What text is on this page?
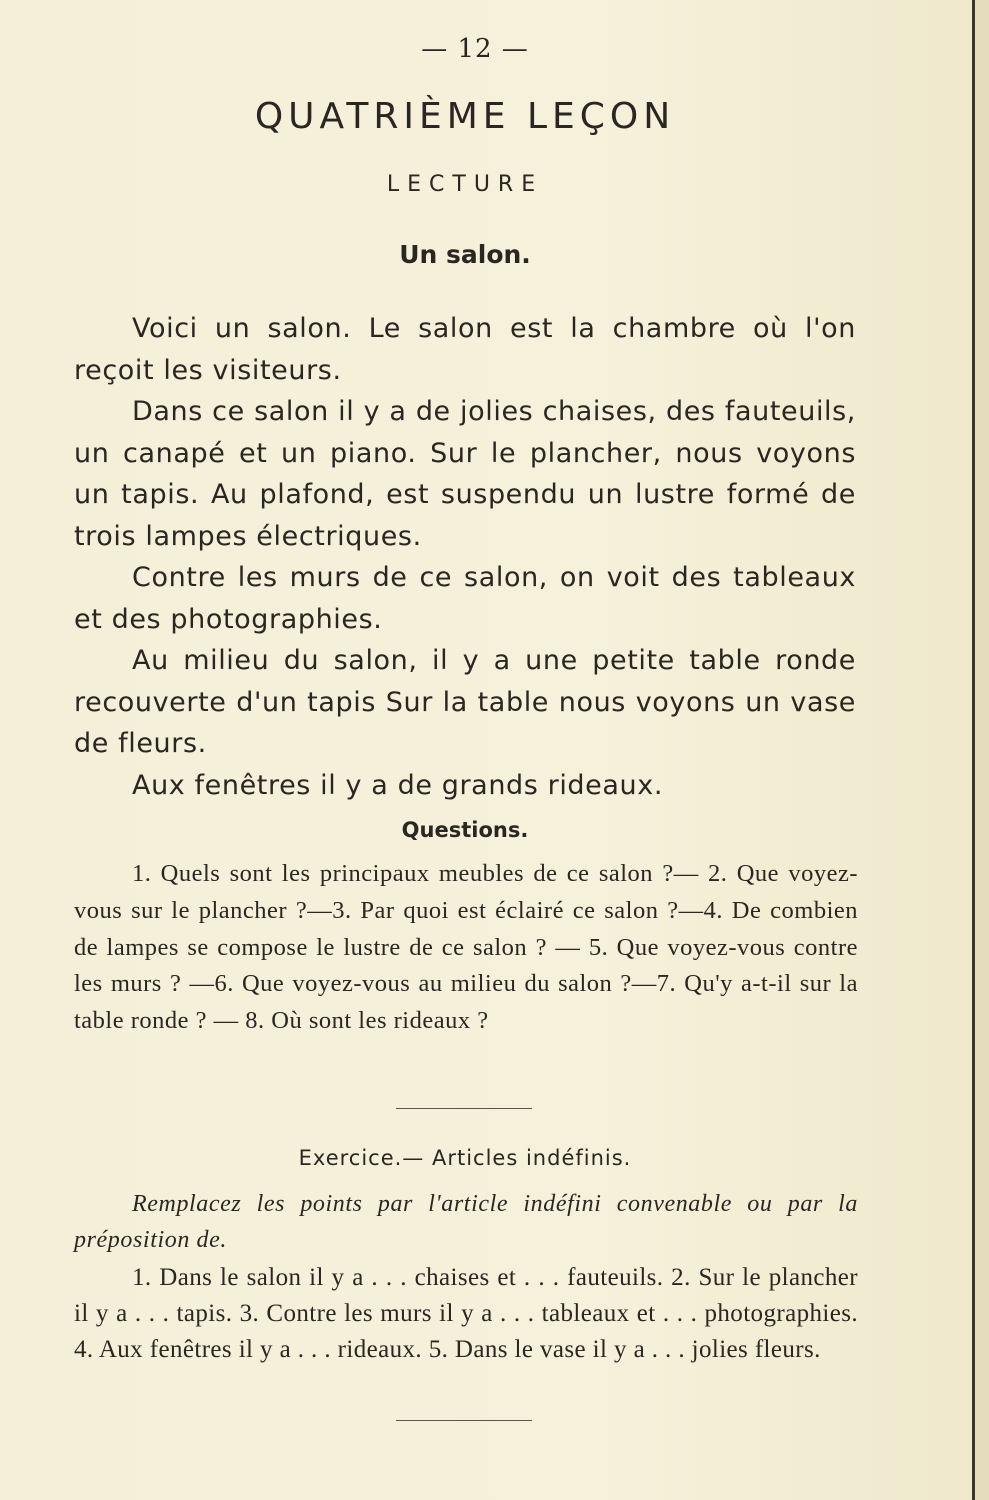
— 12 —
QUATRIÈME LEÇON
LECTURE
Un salon.

Voici un salon. Le salon est la chambre où l'on reçoit les visiteurs.

Dans ce salon il y a de jolies chaises, des fauteuils, un canapé et un piano. Sur le plancher, nous voyons un tapis. Au plafond, est suspendu un lustre formé de trois lampes électriques.

Contre les murs de ce salon, on voit des tableaux et des photographies.

Au milieu du salon, il y a une petite table ronde recouverte d'un tapis Sur la table nous voyons un vase de fleurs.

Aux fenêtres il y a de grands rideaux.

Questions.

1. Quels sont les principaux meubles de ce salon ?— 2. Que voyez-vous sur le plancher ?—3. Par quoi est éclairé ce salon ?—4. De combien de lampes se compose le lustre de ce salon ? — 5. Que voyez-vous contre les murs ? —6. Que voyez-vous au milieu du salon ?—7. Qu'y a-t-il sur la table ronde ? — 8. Où sont les rideaux ?

Exercice.— Articles indéfinis.

Remplacez les points par l'article indéfini convenable ou par la préposition de.

1. Dans le salon il y a . . . chaises et . . . fauteuils. 2. Sur le plancher il y a . . . tapis. 3. Contre les murs il y a . . . tableaux et . . . photographies. 4. Aux fenêtres il y a . . . rideaux. 5. Dans le vase il y a . . . jolies fleurs.
